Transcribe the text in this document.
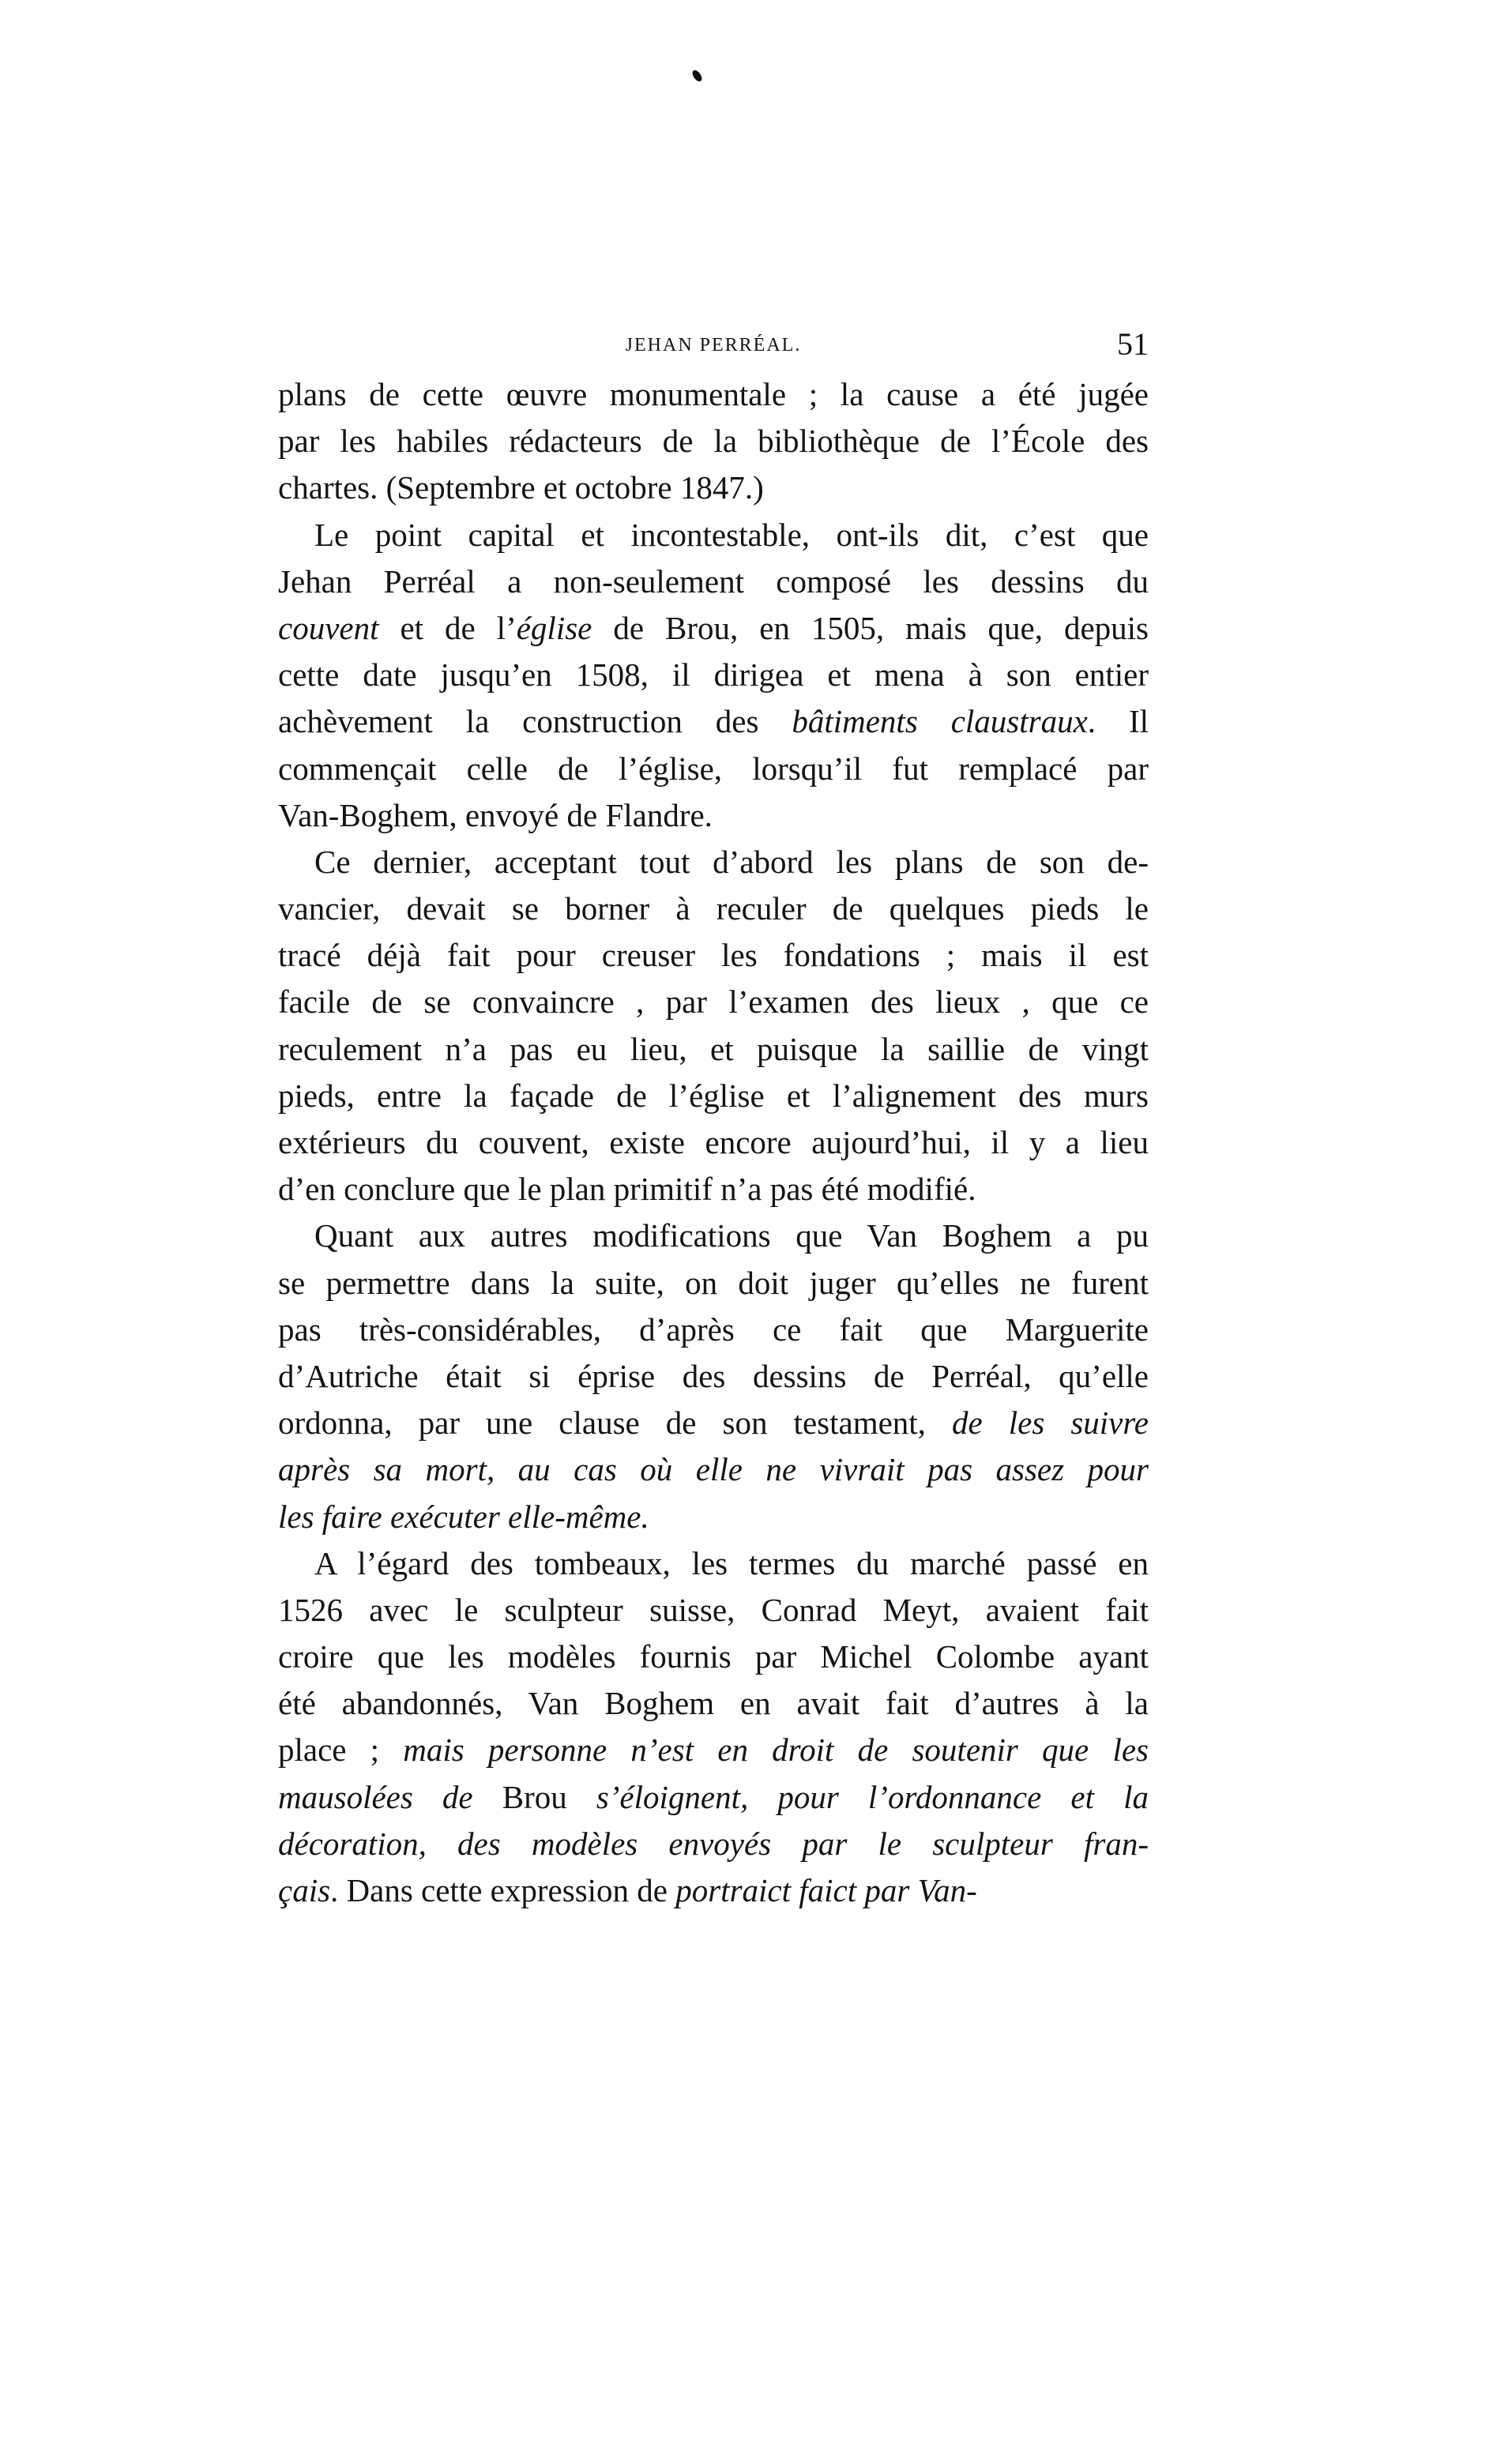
JEHAN PERRÉAL.	51
plans de cette œuvre monumentale ; la cause a été jugée
par les habiles rédacteurs de la bibliothèque de l’École des
chartes. (Septembre et octobre 1847.)
Le point capital et incontestable, ont-ils dit, c’est que
Jehan Perréal a non-seulement composé les dessins du
couvent et de l’église de Brou, en 1505, mais que, depuis
cette date jusqu’en 1508, il dirigea et mena à son entier
achèvement la construction des bâtiments claustraux. Il
commençait celle de l’église, lorsqu’il fut remplacé par
Van-Boghem, envoyé de Flandre.
Ce dernier, acceptant tout d’abord les plans de son de-
vancier, devait se borner à reculer de quelques pieds le
tracé déjà fait pour creuser les fondations ; mais il est
facile de se convaincre , par l’examen des lieux , que ce
reculement n’a pas eu lieu, et puisque la saillie de vingt
pieds, entre la façade de l’église et l’alignement des murs
extérieurs du couvent, existe encore aujourd’hui, il y a lieu
d’en conclure que le plan primitif n’a pas été modifié.
Quant aux autres modifications que Van Boghem a pu
se permettre dans la suite, on doit juger qu’elles ne furent
pas très-considérables, d’après ce fait que Marguerite
d’Autriche était si éprise des dessins de Perréal, qu’elle
ordonna, par une clause de son testament, de les suivre
après sa mort, au cas où elle ne vivrait pas assez pour
les faire exécuter elle-même.
A l’égard des tombeaux, les termes du marché passé en
1526 avec le sculpteur suisse, Conrad Meyt, avaient fait
croire que les modèles fournis par Michel Colombe ayant
été abandonnés, Van Boghem en avait fait d’autres à la
place ; mais personne n’est en droit de soutenir que les
mausolées de Brou s’éloignent, pour l’ordonnance et la
décoration, des modèles envoyés par le sculpteur fran-
çais. Dans cette expression de portraict faict par Van-
